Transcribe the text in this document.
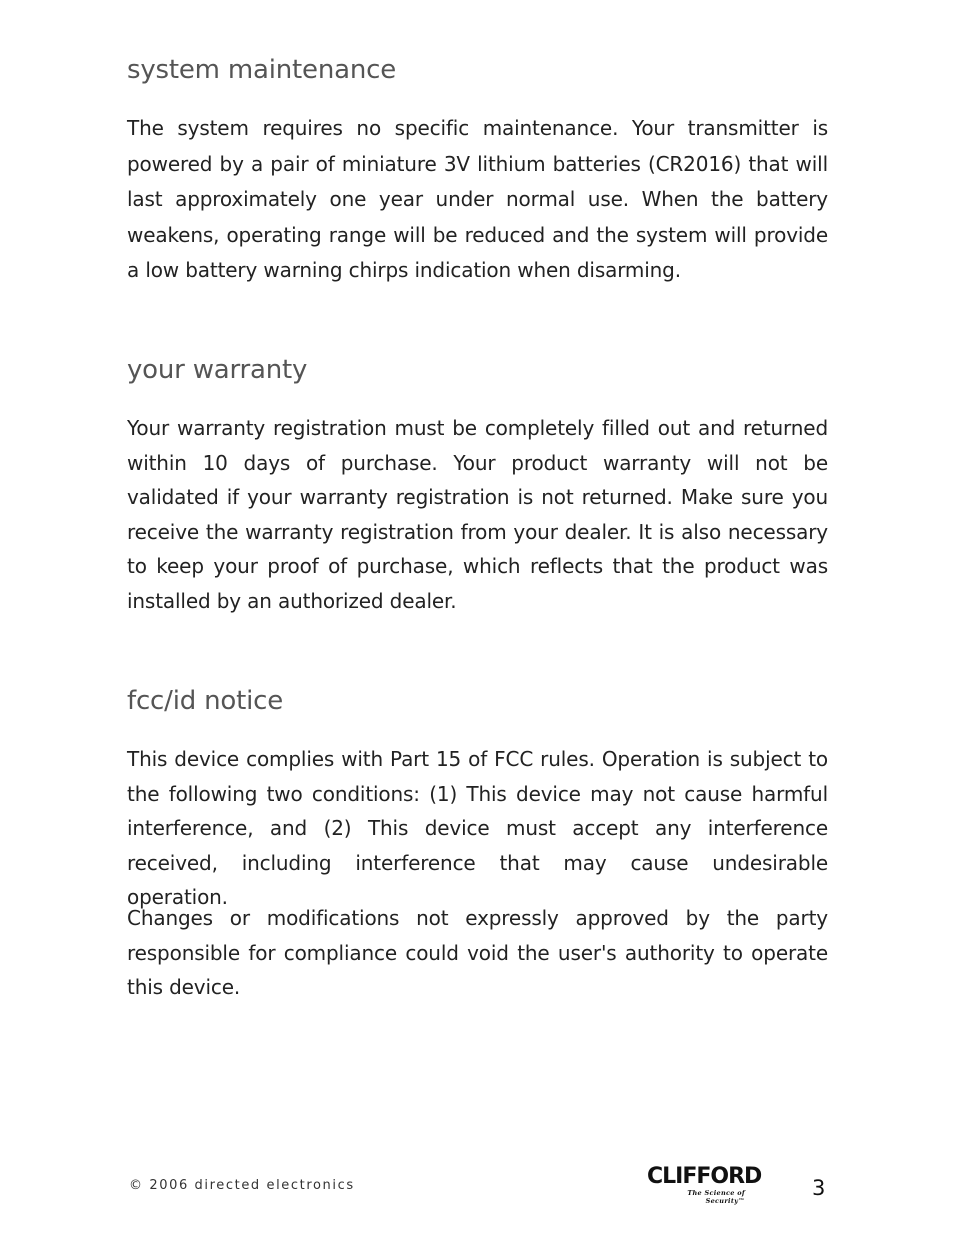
system maintenance

The system requires no specific maintenance. Your transmitter is powered by a pair of miniature 3V lithium batteries (CR2016) that will last approximately one year under normal use. When the battery weakens, operating range will be reduced and the system will provide a low battery warning chirps indication when disarming.

your warranty

Your warranty registration must be completely filled out and returned within 10 days of purchase. Your product warranty will not be validated if your warranty registration is not returned. Make sure you receive the warranty registration from your dealer. It is also necessary to keep your proof of purchase, which reflects that the product was installed by an authorized dealer.

fcc/id notice

This device complies with Part 15 of FCC rules. Operation is subject to the following two conditions: (1) This device may not cause harmful interference, and (2) This device must accept any interference received, including interference that may cause undesirable operation.

Changes or modifications not expressly approved by the party responsible for compliance could void the user's authority to operate this device.

© 2006 directed electronics	CLIFFORD
The Science of Security™
3
